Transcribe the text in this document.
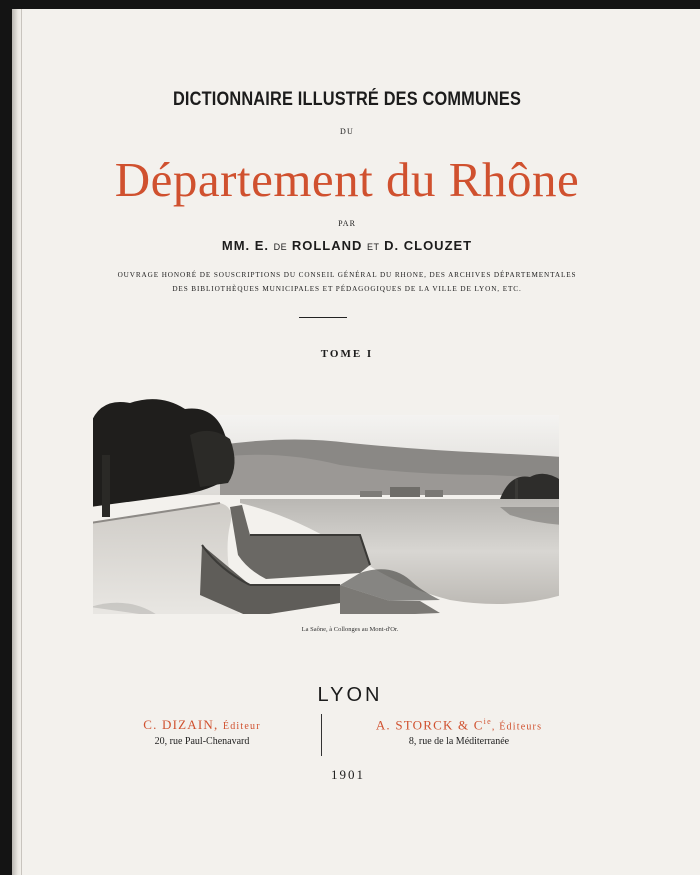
DICTIONNAIRE ILLUSTRÉ DES COMMUNES
DU
Département du Rhône
PAR
MM. E. DE ROLLAND ET D. CLOUZET
OUVRAGE HONORÉ DE SOUSCRIPTIONS DU CONSEIL GÉNÉRAL DU RHONE, DES ARCHIVES DÉPARTEMENTALES
DES BIBLIOTHÈQUES MUNICIPALES ET PÉDAGOGIQUES DE LA VILLE DE LYON, ETC.
TOME I
La Saône, à Collonges au Mont-d'Or.
LYON
C. DIZAIN, Éditeur
20, rue Paul-Chenavard
A. STORCK & $C^{ie}$, Éditeurs
8, rue de la Méditerranée
1901
